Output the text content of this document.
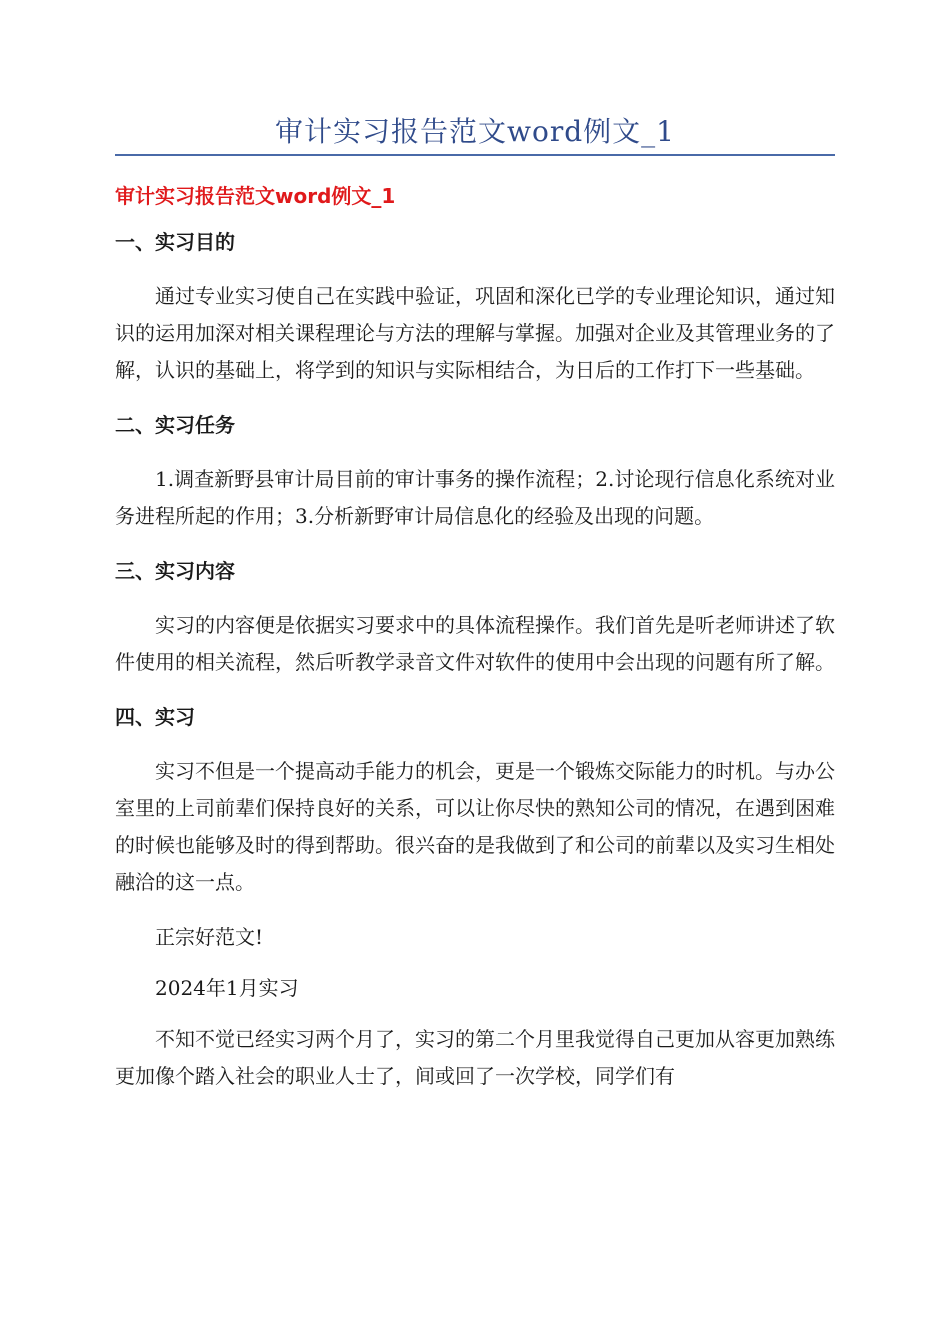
审计实习报告范文word例文_1
审计实习报告范文word例文_1
一、实习目的

通过专业实习使自己在实践中验证，巩固和深化已学的专业理论知识，通过知识的运用加深对相关课程理论与方法的理解与掌握。加强对企业及其管理业务的了解，认识的基础上，将学到的知识与实际相结合，为日后的工作打下一些基础。

二、实习任务

1.调查新野县审计局目前的审计事务的操作流程；2.讨论现行信息化系统对业务进程所起的作用；3.分析新野审计局信息化的经验及出现的问题。

三、实习内容

实习的内容便是依据实习要求中的具体流程操作。我们首先是听老师讲述了软件使用的相关流程，然后听教学录音文件对软件的使用中会出现的问题有所了解。

四、实习

实习不但是一个提高动手能力的机会，更是一个锻炼交际能力的时机。与办公室里的上司前辈们保持良好的关系，可以让你尽快的熟知公司的情况，在遇到困难的时候也能够及时的得到帮助。很兴奋的是我做到了和公司的前辈以及实习生相处融洽的这一点。

正宗好范文!

2024年1月实习

不知不觉已经实习两个月了，实习的第二个月里我觉得自己更加从容更加熟练更加像个踏入社会的职业人士了，间或回了一次学校，同学们有
